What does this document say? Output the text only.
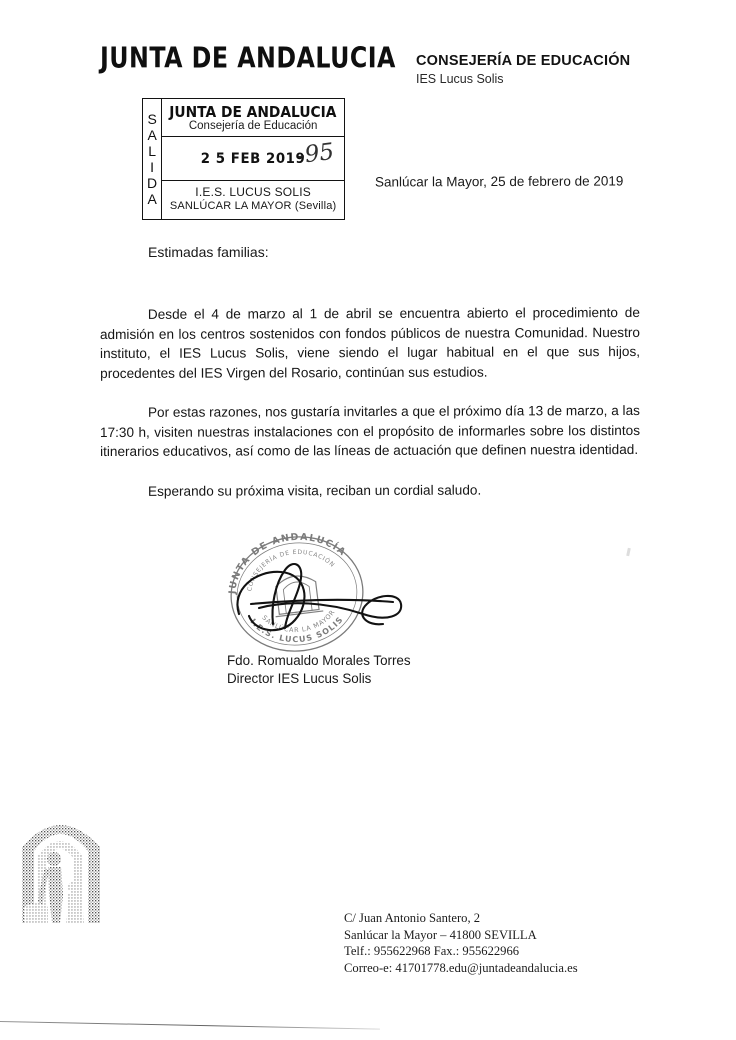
JUNTA DE ANDALUCIA CONSEJERÍA DE EDUCACIÓN
IES Lucus Solis
S
A
L
I
D
A
JUNTA DE ANDALUCIA
Consejería de Educación
2 5 FEB 2019
-95
I.E.S. LUCUS SOLIS
SANLÚCAR LA MAYOR (Sevilla)
Sanlúcar la Mayor, 25 de febrero de 2019
Estimadas familias:

Desde el 4 de marzo al 1 de abril se encuentra abierto el procedimiento de admisión en los centros sostenidos con fondos públicos de nuestra Comunidad. Nuestro instituto, el IES Lucus Solis, viene siendo el lugar habitual en el que sus hijos, procedentes del IES Virgen del Rosario, continúan sus estudios.

Por estas razones, nos gustaría invitarles a que el próximo día 13 de marzo, a las 17:30 h, visiten nuestras instalaciones con el propósito de informarles sobre los distintos itinerarios educativos, así como de las líneas de actuación que definen nuestra identidad.

Esperando su próxima visita, reciban un cordial saludo.

JUNTA DE ANDALUCÍA
CONSEJERÍA DE EDUCACIÓN
I.E.S. LUCUS SOLIS
SANLÚCAR LA MAYOR
Fdo. Romualdo Morales Torres
Director IES Lucus Solis
C/ Juan Antonio Santero, 2
Sanlúcar la Mayor – 41800 SEVILLA
Telf.: 955622968 Fax.: 955622966
Correo-e: 41701778.edu@juntadeandalucia.es
